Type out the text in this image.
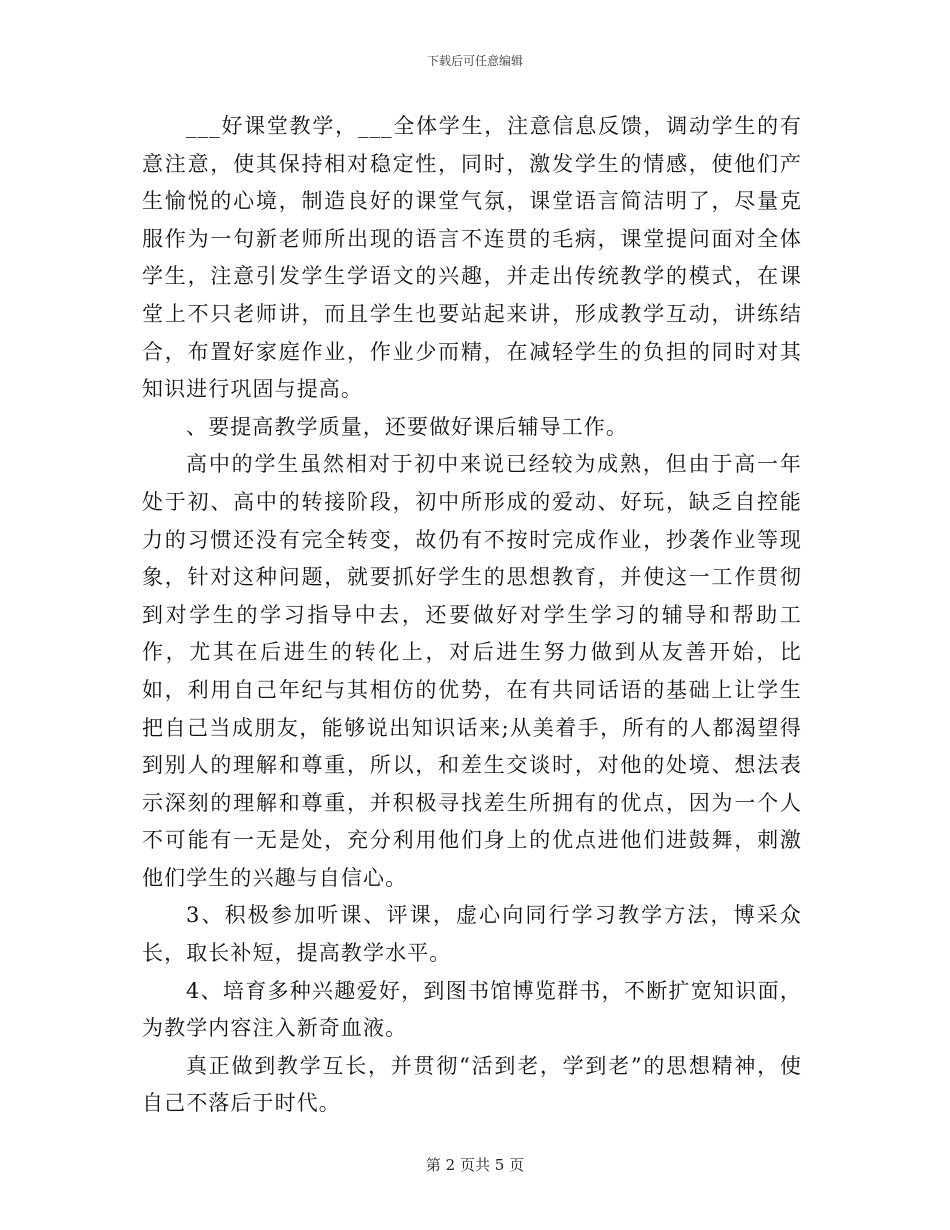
下载后可任意编辑

___好课堂教学，___全体学生，注意信息反馈，调动学生的有意注意，使其保持相对稳定性，同时，激发学生的情感，使他们产生愉悦的心境，制造良好的课堂气氛，课堂语言简洁明了，尽量克服作为一句新老师所出现的语言不连贯的毛病，课堂提问面对全体学生，注意引发学生学语文的兴趣，并走出传统教学的模式，在课堂上不只老师讲，而且学生也要站起来讲，形成教学互动，讲练结合，布置好家庭作业，作业少而精，在减轻学生的负担的同时对其知识进行巩固与提高。

、要提高教学质量，还要做好课后辅导工作。

高中的学生虽然相对于初中来说已经较为成熟，但由于高一年处于初、高中的转接阶段，初中所形成的爱动、好玩，缺乏自控能力的习惯还没有完全转变，故仍有不按时完成作业，抄袭作业等现象，针对这种问题，就要抓好学生的思想教育，并使这一工作贯彻到对学生的学习指导中去，还要做好对学生学习的辅导和帮助工作，尤其在后进生的转化上，对后进生努力做到从友善开始，比如，利用自己年纪与其相仿的优势，在有共同话语的基础上让学生把自己当成朋友，能够说出知识话来;从美着手，所有的人都渴望得到别人的理解和尊重，所以，和差生交谈时，对他的处境、想法表示深刻的理解和尊重，并积极寻找差生所拥有的优点，因为一个人不可能有一无是处，充分利用他们身上的优点进他们进鼓舞，刺激他们学生的兴趣与自信心。

3、积极参加听课、评课，虚心向同行学习教学方法，博采众长，取长补短，提高教学水平。

4、培育多种兴趣爱好，到图书馆博览群书，不断扩宽知识面，为教学内容注入新奇血液。

真正做到教学互长，并贯彻“活到老，学到老”的思想精神，使自己不落后于时代。

第 2 页共 5 页
